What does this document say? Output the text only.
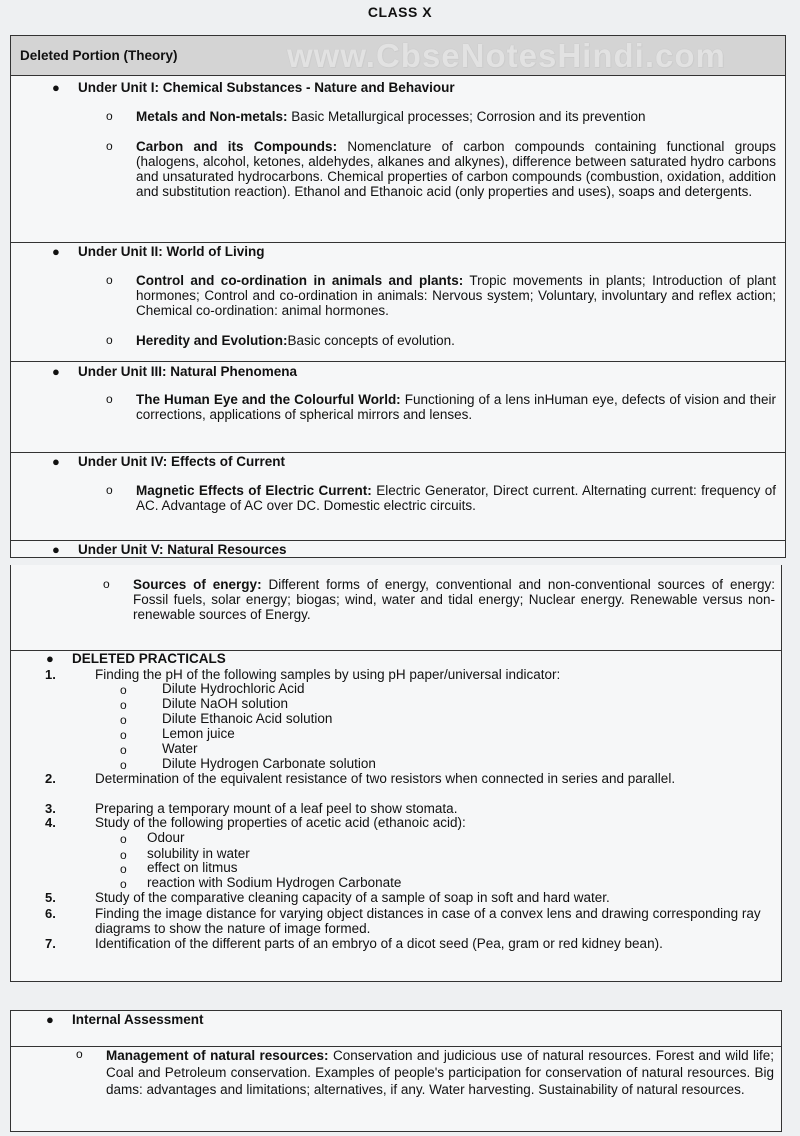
CLASS X
Deleted Portion (Theory)	www.CbseNotesHindi.com
● Under Unit I: Chemical Substances - Nature and Behaviour
o Metals and Non-metals: Basic Metallurgical processes; Corrosion and its prevention
o Carbon and its Compounds: Nomenclature of carbon compounds containing functional groups (halogens, alcohol, ketones, aldehydes, alkanes and alkynes), difference between saturated hydro carbons and unsaturated hydrocarbons. Chemical properties of carbon compounds (combustion, oxidation, addition and substitution reaction). Ethanol and Ethanoic acid (only properties and uses), soaps and detergents.
● Under Unit II: World of Living
o Control and co-ordination in animals and plants: Tropic movements in plants; Introduction of plant hormones; Control and co-ordination in animals: Nervous system; Voluntary, involuntary and reflex action; Chemical co-ordination: animal hormones.
o Heredity and Evolution:Basic concepts of evolution.
● Under Unit III: Natural Phenomena
o The Human Eye and the Colourful World: Functioning of a lens inHuman eye, defects of vision and their corrections, applications of spherical mirrors and lenses.
● Under Unit IV: Effects of Current
o Magnetic Effects of Electric Current: Electric Generator, Direct current. Alternating current: frequency of AC. Advantage of AC over DC. Domestic electric circuits.
● Under Unit V: Natural Resources
o Sources of energy: Different forms of energy, conventional and non-conventional sources of energy: Fossil fuels, solar energy; biogas; wind, water and tidal energy; Nuclear energy. Renewable versus non-renewable sources of Energy.
● DELETED PRACTICALS
1.	Finding the pH of the following samples by using pH paper/universal indicator:
o	Dilute Hydrochloric Acid
o	Dilute NaOH solution
o	Dilute Ethanoic Acid solution
o	Lemon juice
o	Water
o	Dilute Hydrogen Carbonate solution
2.	Determination of the equivalent resistance of two resistors when connected in series and parallel.
3.	Preparing a temporary mount of a leaf peel to show stomata.
4.	Study of the following properties of acetic acid (ethanoic acid):
o Odour
o solubility in water
o effect on litmus
o reaction with Sodium Hydrogen Carbonate
5.	Study of the comparative cleaning capacity of a sample of soap in soft and hard water.
6.	Finding the image distance for varying object distances in case of a convex lens and drawing corresponding ray diagrams to show the nature of image formed.
7.	Identification of the different parts of an embryo of a dicot seed (Pea, gram or red kidney bean).
● Internal Assessment
o Management of natural resources: Conservation and judicious use of natural resources. Forest and wild life; Coal and Petroleum conservation. Examples of people's participation for conservation of natural resources. Big dams: advantages and limitations; alternatives, if any. Water harvesting. Sustainability of natural resources.
